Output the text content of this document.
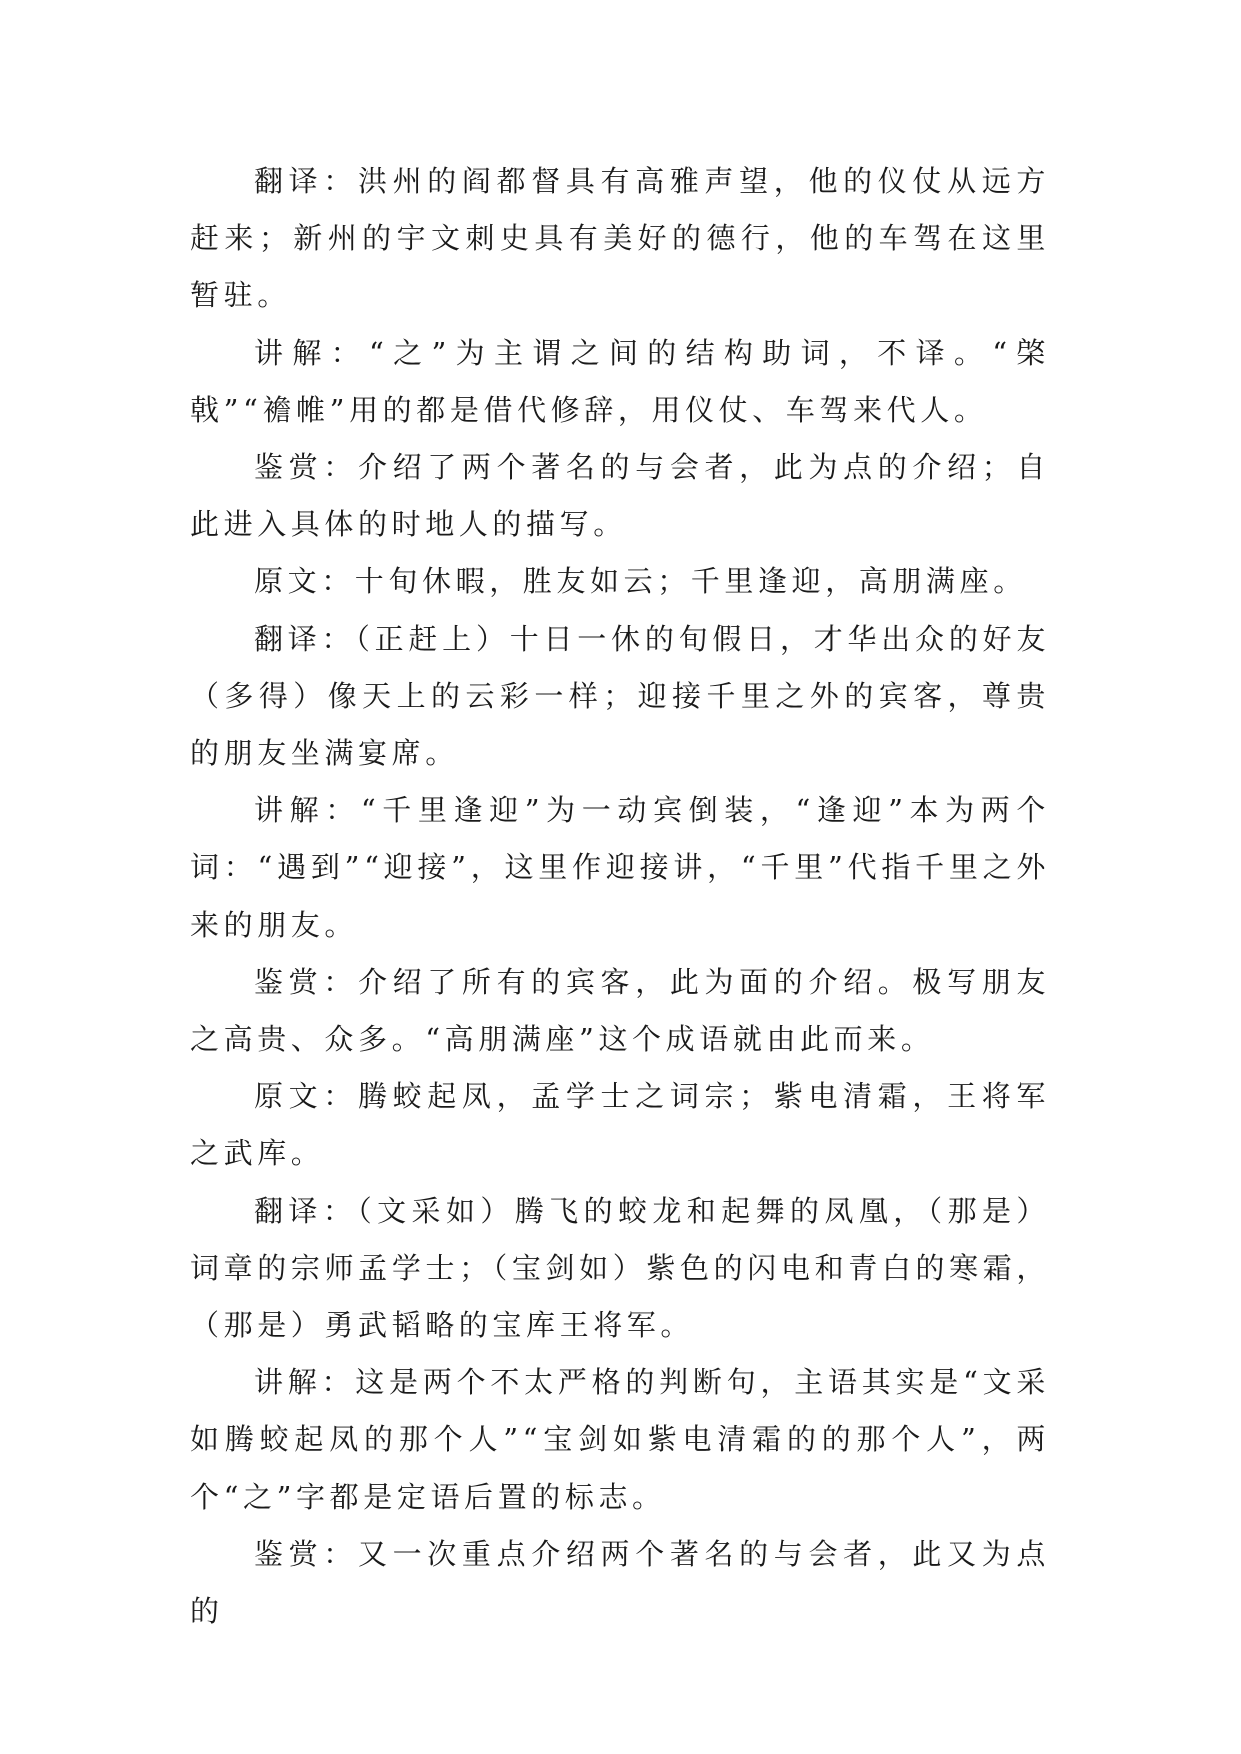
翻译：洪州的阎都督具有高雅声望，他的仪仗从远方赶来；新州的宇文刺史具有美好的德行，他的车驾在这里暂驻。

讲解：“之”为主谓之间的结构助词，不译。“棨戟”“襜帷”用的都是借代修辞，用仪仗、车驾来代人。

鉴赏：介绍了两个著名的与会者，此为点的介绍；自此进入具体的时地人的描写。

原文：十旬休暇，胜友如云；千里逢迎，高朋满座。

翻译：（正赶上）十日一休的旬假日，才华出众的好友（多得）像天上的云彩一样；迎接千里之外的宾客，尊贵的朋友坐满宴席。

讲解：“千里逢迎”为一动宾倒装，“逢迎”本为两个词：“遇到”“迎接”，这里作迎接讲，“千里”代指千里之外来的朋友。

鉴赏：介绍了所有的宾客，此为面的介绍。极写朋友之高贵、众多。“高朋满座”这个成语就由此而来。

原文：腾蛟起凤，孟学士之词宗；紫电清霜，王将军之武库。

翻译：（文采如）腾飞的蛟龙和起舞的凤凰，（那是）词章的宗师孟学士；（宝剑如）紫色的闪电和青白的寒霜，（那是）勇武韬略的宝库王将军。

讲解：这是两个不太严格的判断句，主语其实是“文采如腾蛟起凤的那个人”“宝剑如紫电清霜的的那个人”，两个“之”字都是定语后置的标志。

鉴赏：又一次重点介绍两个著名的与会者，此又为点的
